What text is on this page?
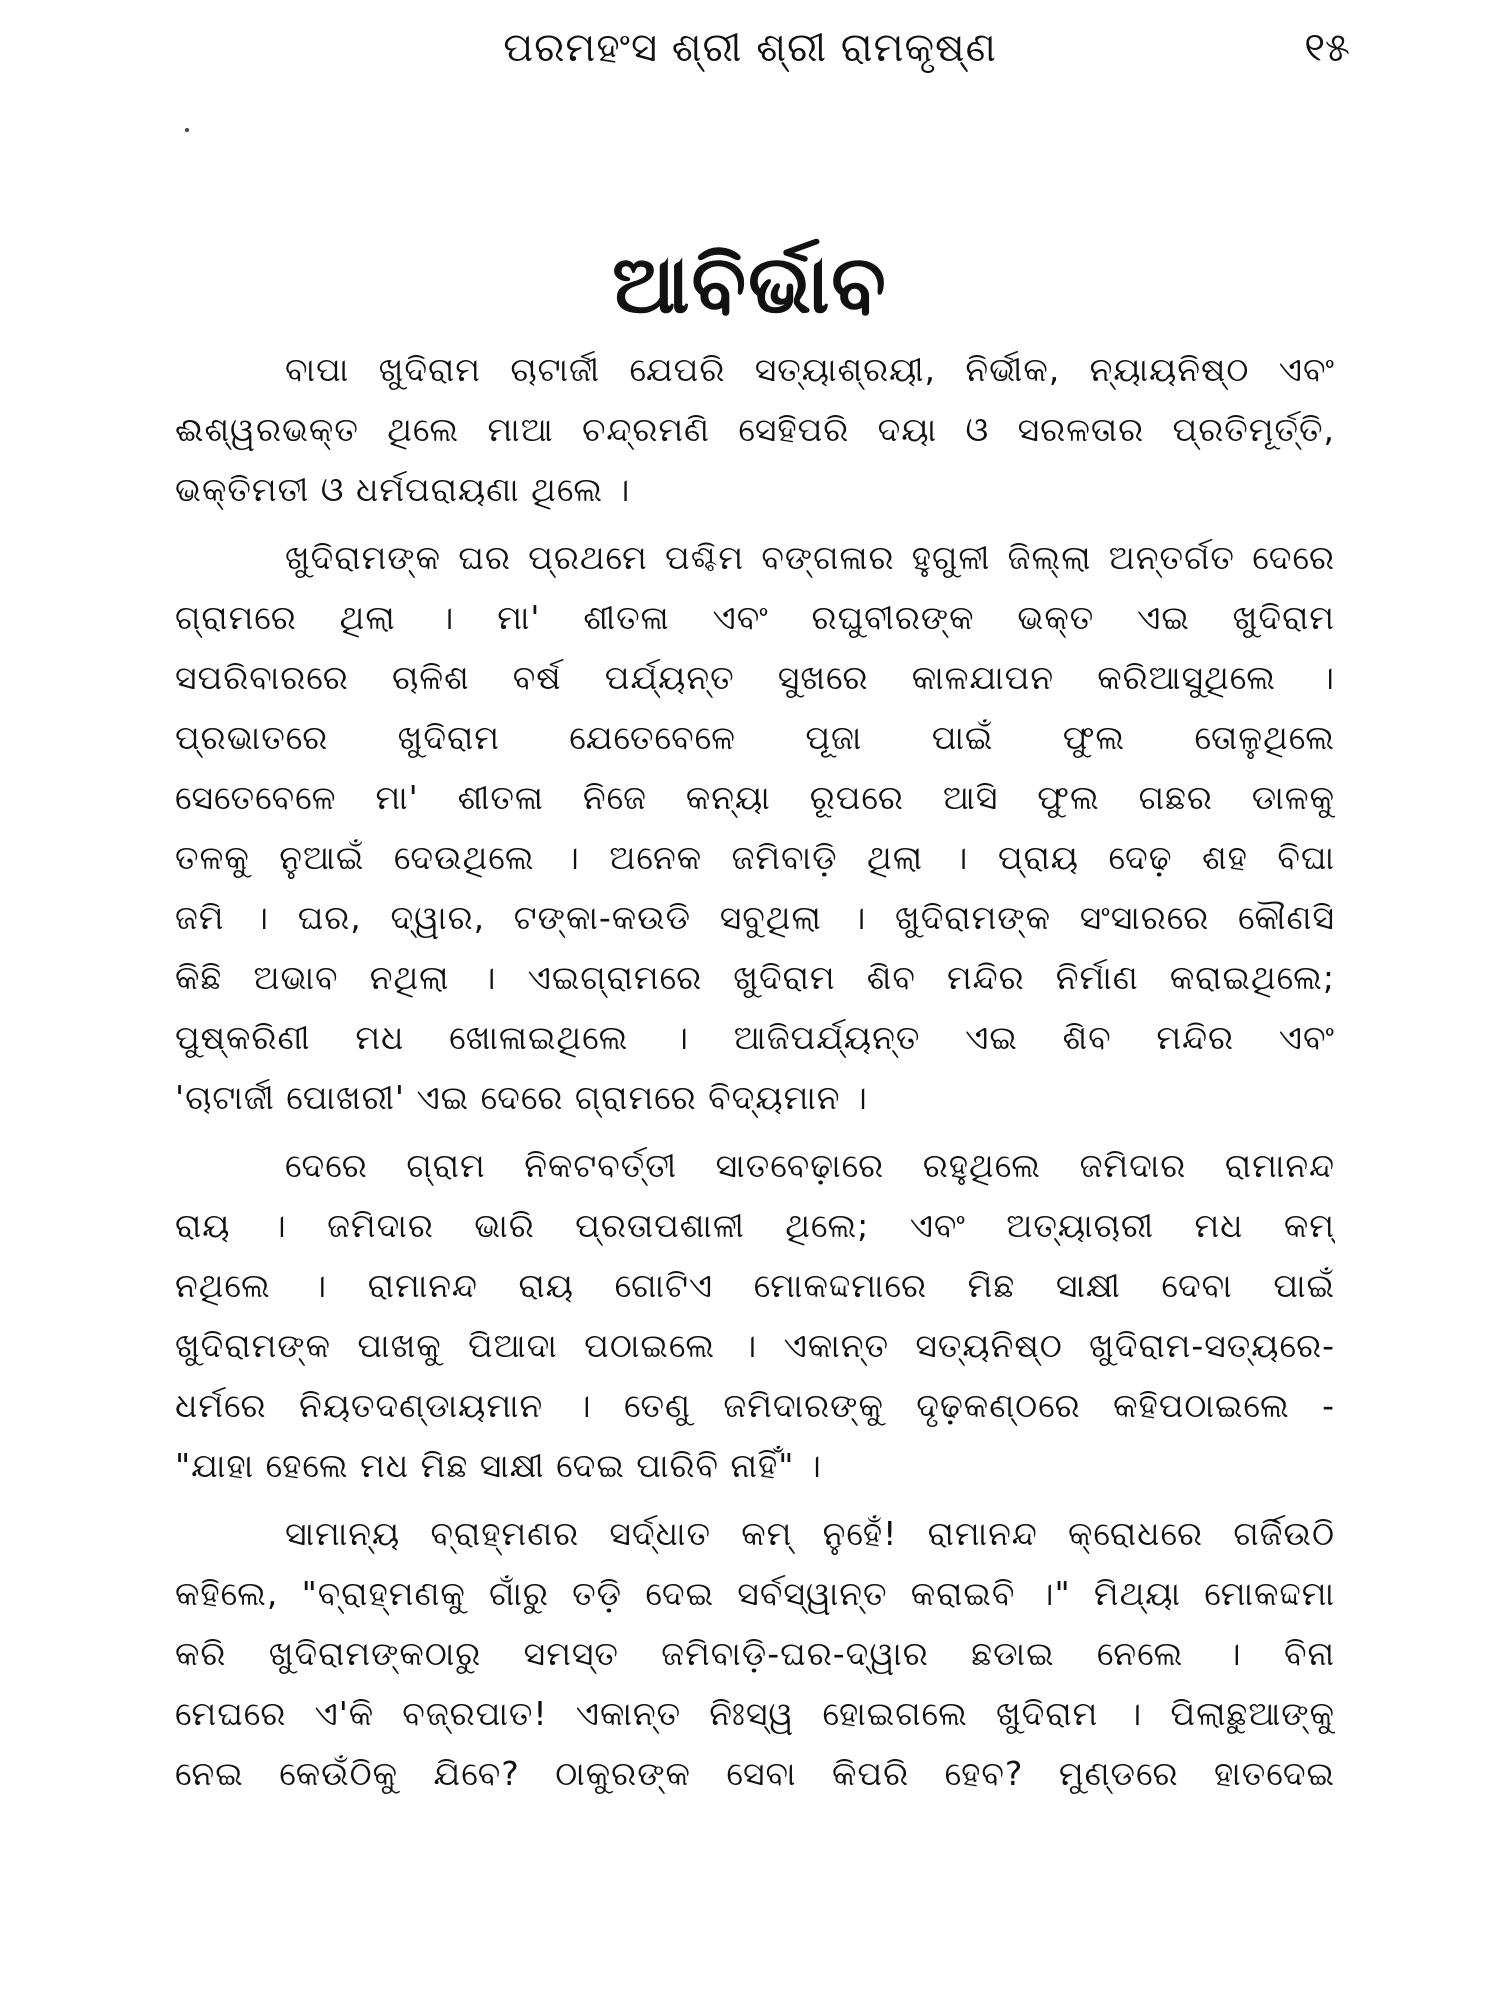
ପରମହଂସ ଶ୍ରୀ ଶ୍ରୀ ରାମକୃଷ୍ଣ	୧୫
ଆବିର୍ଭାବ
ବାପା ଖୁଦିରାମ ଚାଟାର୍ଜୀ ଯେପରି ସତ୍ୟାଶ୍ରୟୀ, ନିର୍ଭୀକ, ନ୍ୟାୟନିଷ୍ଠ ଏବଂ
ଈଶ୍ୱରଭକ୍ତ ଥିଲେ ମାଆ ଚନ୍ଦ୍ରମଣି ସେହିପରି ଦୟା ଓ ସରଳତାର ପ୍ରତିମୂର୍ତ୍ତି,
ଭକ୍ତିମତୀ ଓ ଧର୍ମପରାୟଣା ଥିଲେ ।
ଖୁଦିରାମଙ୍କ ଘର ପ୍ରଥମେ ପଶ୍ଚିମ ବଙ୍ଗଳାର ହୁଗୁଳୀ ଜିଲ୍ଲା ଅନ୍ତର୍ଗତ ଦେରେ
ଗ୍ରାମରେ ଥିଲା । ମା' ଶୀତଳା ଏବଂ ରଘୁବୀରଙ୍କ ଭକ୍ତ ଏଇ ଖୁଦିରାମ
ସପରିବାରରେ ଚାଳିଶ ବର୍ଷ ପର୍ଯ୍ୟନ୍ତ ସୁଖରେ କାଳଯାପନ କରିଆସୁଥିଲେ ।
ପ୍ରଭାତରେ ଖୁଦିରାମ ଯେତେବେଳେ ପୂଜା ପାଇଁ ଫୁଲ ତୋଳୁଥିଲେ
ସେତେବେଳେ ମା' ଶୀତଳା ନିଜେ କନ୍ୟା ରୂପରେ ଆସି ଫୁଲ ଗଛର ଡାଳକୁ
ତଳକୁ ନୁଆଇଁ ଦେଉଥିଲେ । ଅନେକ ଜମିବାଡ଼ି ଥିଲା । ପ୍ରାୟ ଦେଢ଼ ଶହ ବିଘା
ଜମି । ଘର, ଦ୍ୱାର, ଟଙ୍କା-କଉଡି ସବୁଥିଲା । ଖୁଦିରାମଙ୍କ ସଂସାରରେ କୌଣସି
କିଛି ଅଭାବ ନଥିଲା । ଏଇଗ୍ରାମରେ ଖୁଦିରାମ ଶିବ ମନ୍ଦିର ନିର୍ମାଣ କରାଇଥିଲେ;
ପୁଷ୍କରିଣୀ ମଧ ଖୋଳାଇଥିଲେ । ଆଜିପର୍ଯ୍ୟନ୍ତ ଏଇ ଶିବ ମନ୍ଦିର ଏବଂ
'ଚାଟାର୍ଜୀ ପୋଖରୀ' ଏଇ ଦେରେ ଗ୍ରାମରେ ବିଦ୍ୟମାନ ।
ଦେରେ ଗ୍ରାମ ନିକଟବର୍ତ୍ତୀ ସାତବେଢ଼ାରେ ରହୁଥିଲେ ଜମିଦାର ରାମାନନ୍ଦ
ରାୟ । ଜମିଦାର ଭାରି ପ୍ରତାପଶାଳୀ ଥିଲେ; ଏବଂ ଅତ୍ୟାଚାରୀ ମଧ କମ୍
ନଥିଲେ । ରାମାନନ୍ଦ ରାୟ ଗୋଟିଏ ମୋକଦ୍ଦମାରେ ମିଛ ସାକ୍ଷୀ ଦେବା ପାଇଁ
ଖୁଦିରାମଙ୍କ ପାଖକୁ ପିଆଦା ପଠାଇଲେ । ଏକାନ୍ତ ସତ୍ୟନିଷ୍ଠ ଖୁଦିରାମ-ସତ୍ୟରେ-
ଧର୍ମରେ ନିୟତଦଣ୍ଡାୟମାନ । ତେଣୁ ଜମିଦାରଙ୍କୁ ଦୃଢ଼କଣ୍ଠରେ କହିପଠାଇଲେ -
"ଯାହା ହେଲେ ମଧ ମିଛ ସାକ୍ଷୀ ଦେଇ ପାରିବି ନାହିଁ" ।
ସାମାନ୍ୟ ବ୍ରାହ୍ମଣର ସର୍ଦ୍ଧାତ କମ୍ ନୁହେଁ! ରାମାନନ୍ଦ କ୍ରୋଧରେ ଗର୍ଜିଉଠି
କହିଲେ, "ବ୍ରାହ୍ମଣକୁ ଗାଁରୁ ତଡ଼ି ଦେଇ ସର୍ବସ୍ୱାନ୍ତ କରାଇବି ।" ମିଥ୍ୟା ମୋକଦ୍ଦମା
କରି ଖୁଦିରାମଙ୍କଠାରୁ ସମସ୍ତ ଜମିବାଡ଼ି-ଘର-ଦ୍ୱାର ଛଡାଇ ନେଲେ । ବିନା
ମେଘରେ ଏ'କି ବଜ୍ରପାତ! ଏକାନ୍ତ ନିଃସ୍ୱ ହୋଇଗଲେ ଖୁଦିରାମ । ପିଲାଛୁଆଙ୍କୁ
ନେଇ କେଉଁଠିକୁ ଯିବେ? ଠାକୁରଙ୍କ ସେବା କିପରି ହେବ? ମୁଣ୍ଡରେ ହାତଦେଇ
